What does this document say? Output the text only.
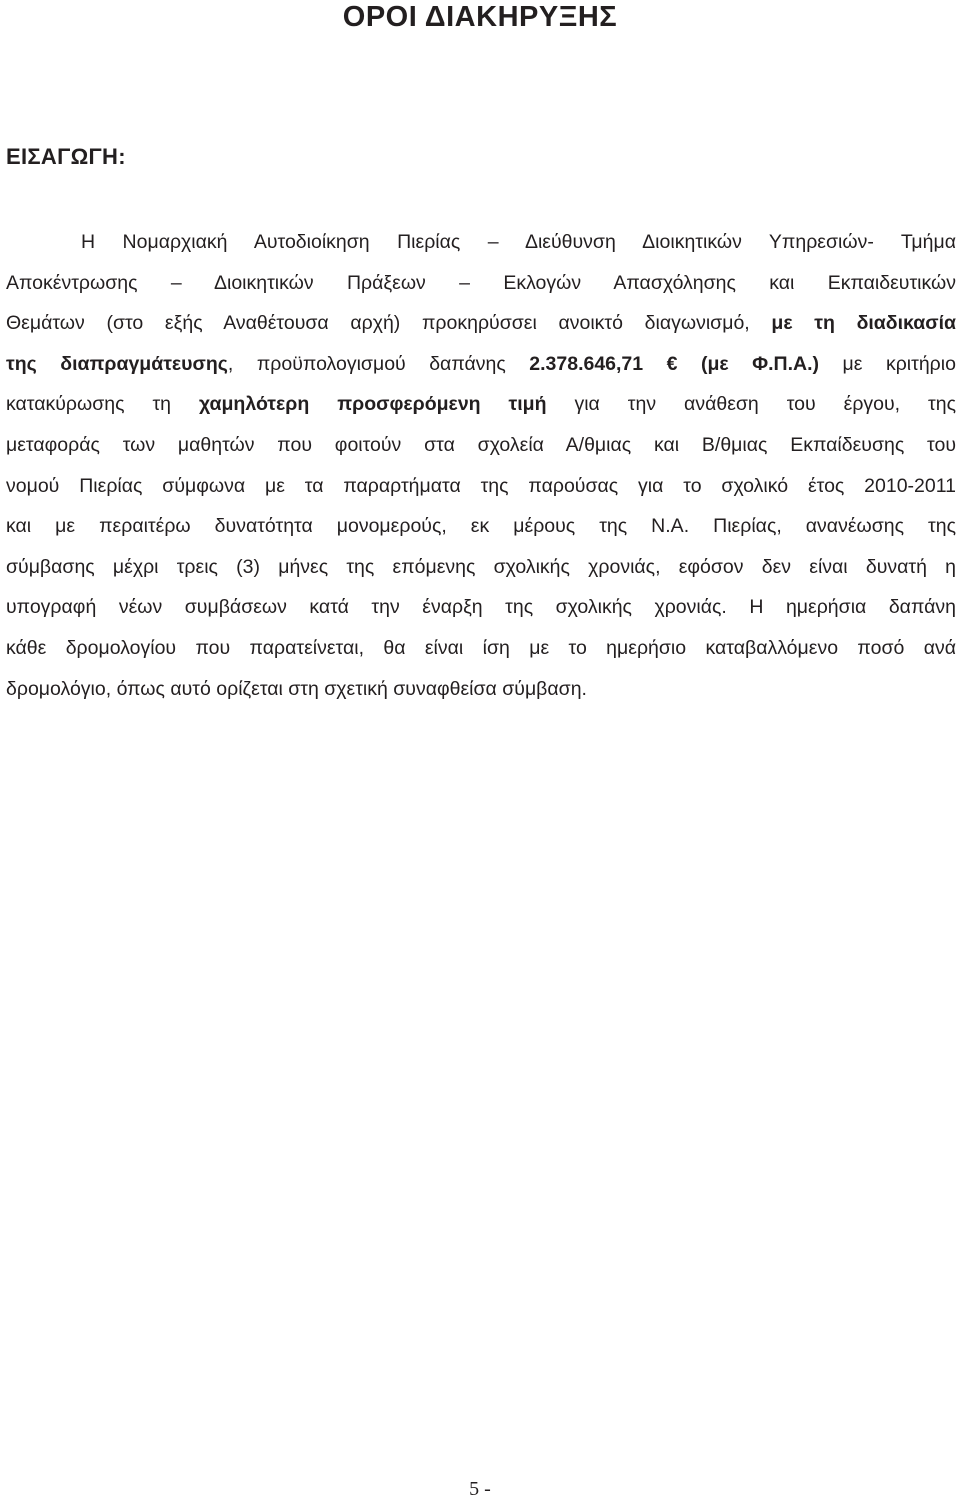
ΟΡΟΙ ΔΙΑΚΗΡΥΞΗΣ
ΕΙΣΑΓΩΓΗ:
Η Νομαρχιακή Αυτοδιοίκηση Πιερίας – Διεύθυνση Διοικητικών Υπηρεσιών- Τμήμα
Αποκέντρωσης – Διοικητικών Πράξεων – Εκλογών Απασχόλησης και Εκπαιδευτικών
Θεμάτων (στο εξής Αναθέτουσα αρχή) προκηρύσσει ανοικτό διαγωνισμό, με τη διαδικασία
της διαπραγμάτευσης, προϋπολογισμού δαπάνης 2.378.646,71 € (με Φ.Π.Α.) με κριτήριο
κατακύρωσης τη χαμηλότερη προσφερόμενη τιμή για την ανάθεση του έργου, της
μεταφοράς των μαθητών που φοιτούν στα σχολεία Α/θμιας και Β/θμιας Εκπαίδευσης του
νομού Πιερίας σύμφωνα με τα παραρτήματα της παρούσας για το σχολικό έτος 2010-2011
και με περαιτέρω δυνατότητα μονομερούς, εκ μέρους της Ν.Α. Πιερίας, ανανέωσης της
σύμβασης μέχρι τρεις (3) μήνες της επόμενης σχολικής χρονιάς, εφόσον δεν είναι δυνατή η
υπογραφή νέων συμβάσεων κατά την έναρξη της σχολικής χρονιάς. Η ημερήσια δαπάνη
κάθε δρομολογίου που παρατείνεται, θα είναι ίση με το ημερήσιο καταβαλλόμενο ποσό ανά
δρομολόγιο, όπως αυτό ορίζεται στη σχετική συναφθείσα σύμβαση.
5 -
